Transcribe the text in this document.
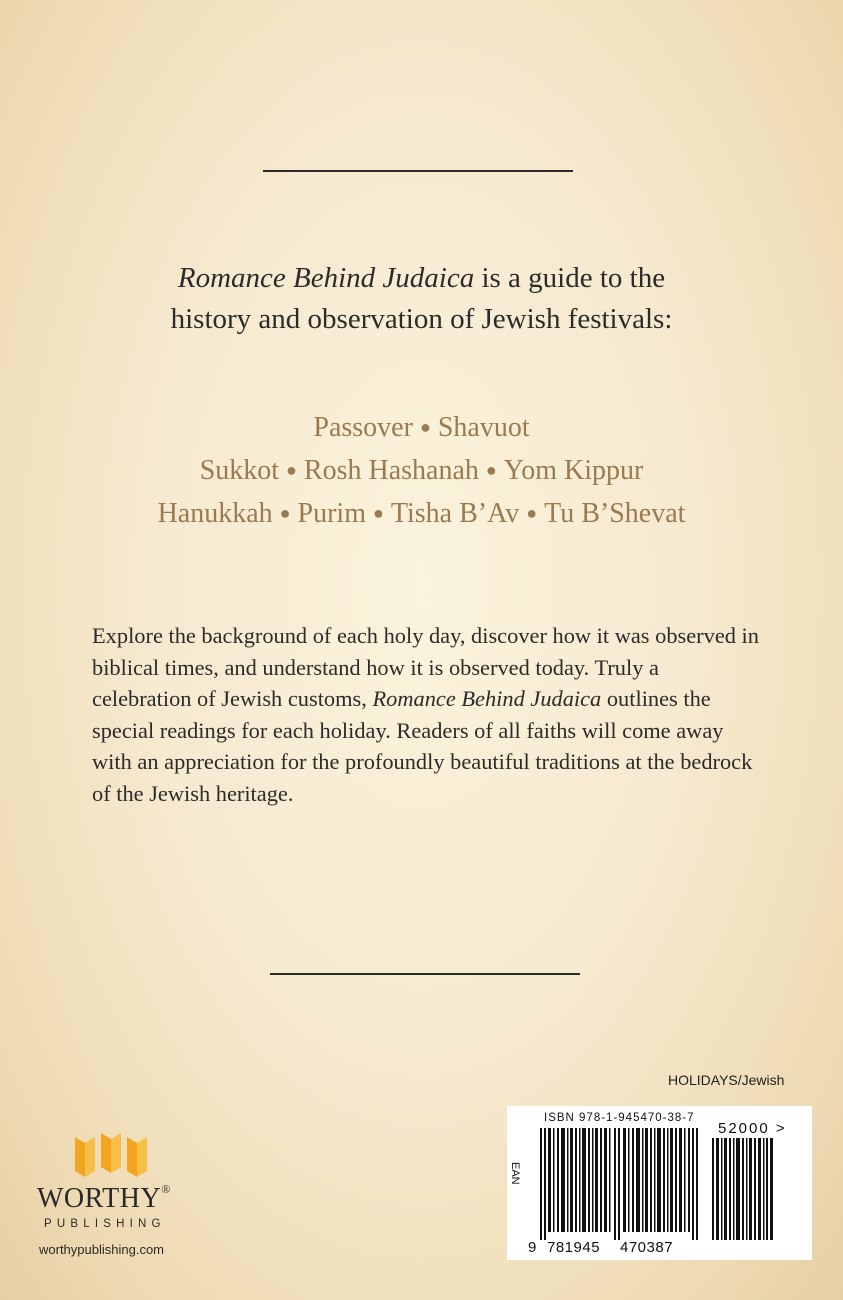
Romance Behind Judaica is a guide to the
history and observation of Jewish festivals:
Passover ● Shavuot
Sukkot ● Rosh Hashanah ● Yom Kippur
Hanukkah ● Purim ● Tisha B’Av ● Tu B’Shevat
Explore the background of each holy day, discover how it was observed in biblical times, and understand how it is observed today. Truly a celebration of Jewish customs, Romance Behind Judaica outlines the special readings for each holiday. Readers of all faiths will come away with an appreciation for the profoundly beautiful traditions at the bedrock of the Jewish heritage.
HOLIDAYS/Jewish
ISBN 978-1-945470-38-7
EAN
52000 >
9 781945 470387
WORTHY®
PUBLISHING
worthypublishing.com
